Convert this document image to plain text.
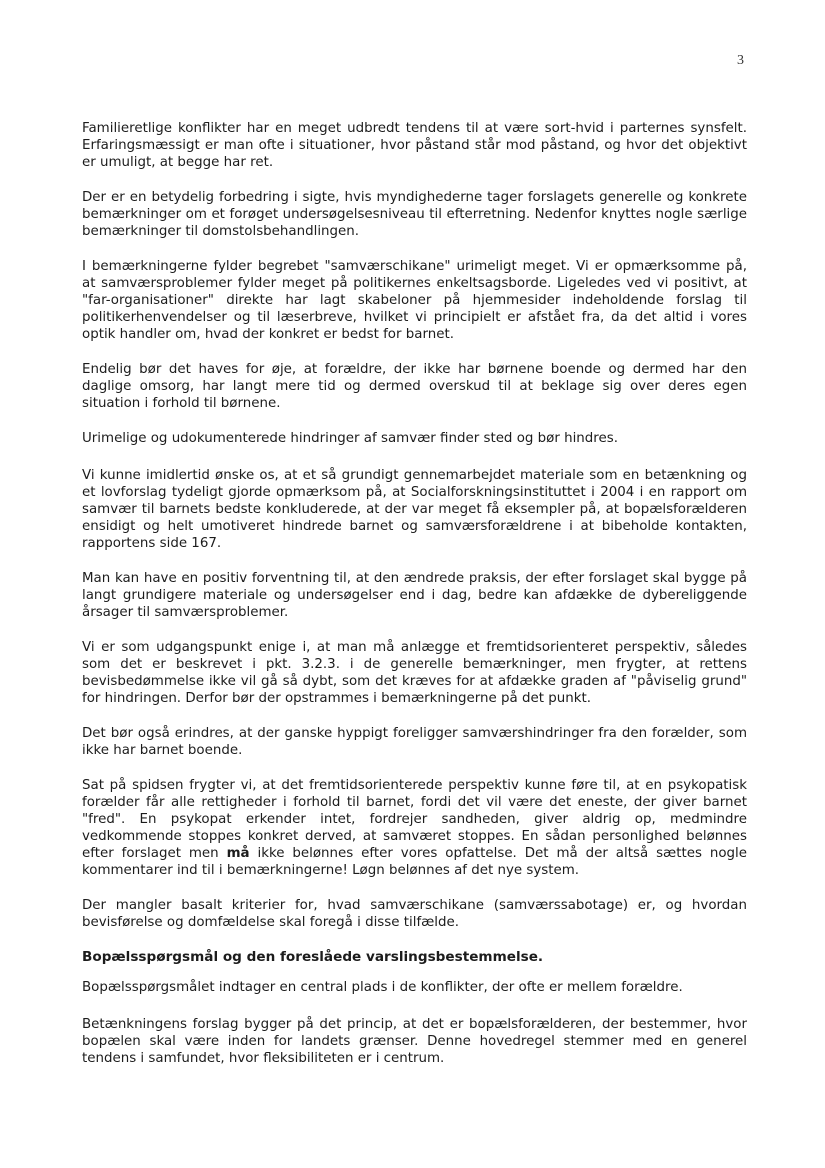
3

Familieretlige konflikter har en meget udbredt tendens til at være sort-hvid i parternes synsfelt. Erfaringsmæssigt er man ofte i situationer, hvor påstand står mod påstand, og hvor det objektivt er umuligt, at begge har ret.

Der er en betydelig forbedring i sigte, hvis myndighederne tager forslagets generelle og konkrete bemærkninger om et forøget undersøgelsesniveau til efterretning. Nedenfor knyttes nogle særlige bemærkninger til domstolsbehandlingen.

I bemærkningerne fylder begrebet "samværschikane" urimeligt meget. Vi er opmærksomme på, at samværsproblemer fylder meget på politikernes enkeltsagsborde. Ligeledes ved vi positivt, at "far-organisationer" direkte har lagt skabeloner på hjemmesider indeholdende forslag til politikerhenvendelser og til læserbreve, hvilket vi principielt er afstået fra, da det altid i vores optik handler om, hvad der konkret er bedst for barnet.

Endelig bør det haves for øje, at forældre, der ikke har børnene boende og dermed har den daglige omsorg, har langt mere tid og dermed overskud til at beklage sig over deres egen situation i forhold til børnene.

Urimelige og udokumenterede hindringer af samvær finder sted og bør hindres.

Vi kunne imidlertid ønske os, at et så grundigt gennemarbejdet materiale som en betænkning og et lovforslag tydeligt gjorde opmærksom på, at Socialforskningsinstituttet i 2004 i en rapport om samvær til barnets bedste konkluderede, at der var meget få eksempler på, at bopælsforælderen ensidigt og helt umotiveret hindrede barnet og samværsforældrene i at bibeholde kontakten, rapportens side 167.

Man kan have en positiv forventning til, at den ændrede praksis, der efter forslaget skal bygge på langt grundigere materiale og undersøgelser end i dag, bedre kan afdække de dybereliggende årsager til samværsproblemer.

Vi er som udgangspunkt enige i, at man må anlægge et fremtidsorienteret perspektiv, således som det er beskrevet i pkt. 3.2.3. i de generelle bemærkninger, men frygter, at rettens bevisbedømmelse ikke vil gå så dybt, som det kræves for at afdække graden af "påviselig grund" for hindringen. Derfor bør der opstrammes i bemærkningerne på det punkt.

Det bør også erindres, at der ganske hyppigt foreligger samværshindringer fra den forælder, som ikke har barnet boende.

Sat på spidsen frygter vi, at det fremtidsorienterede perspektiv kunne føre til, at en psykopatisk forælder får alle rettigheder i forhold til barnet, fordi det vil være det eneste, der giver barnet "fred". En psykopat erkender intet, fordrejer sandheden, giver aldrig op, medmindre vedkommende stoppes konkret derved, at samværet stoppes. En sådan personlighed belønnes efter forslaget men må ikke belønnes efter vores opfattelse. Det må der altså sættes nogle kommentarer ind til i bemærkningerne! Løgn belønnes af det nye system.

Der mangler basalt kriterier for, hvad samværschikane (samværssabotage) er, og hvordan bevisførelse og domfældelse skal foregå i disse tilfælde.

Bopælsspørgsmål og den foreslåede varslingsbestemmelse.

Bopælsspørgsmålet indtager en central plads i de konflikter, der ofte er mellem forældre.

Betænkningens forslag bygger på det princip, at det er bopælsforælderen, der bestemmer, hvor bopælen skal være inden for landets grænser. Denne hovedregel stemmer med en generel tendens i samfundet, hvor fleksibiliteten er i centrum.
